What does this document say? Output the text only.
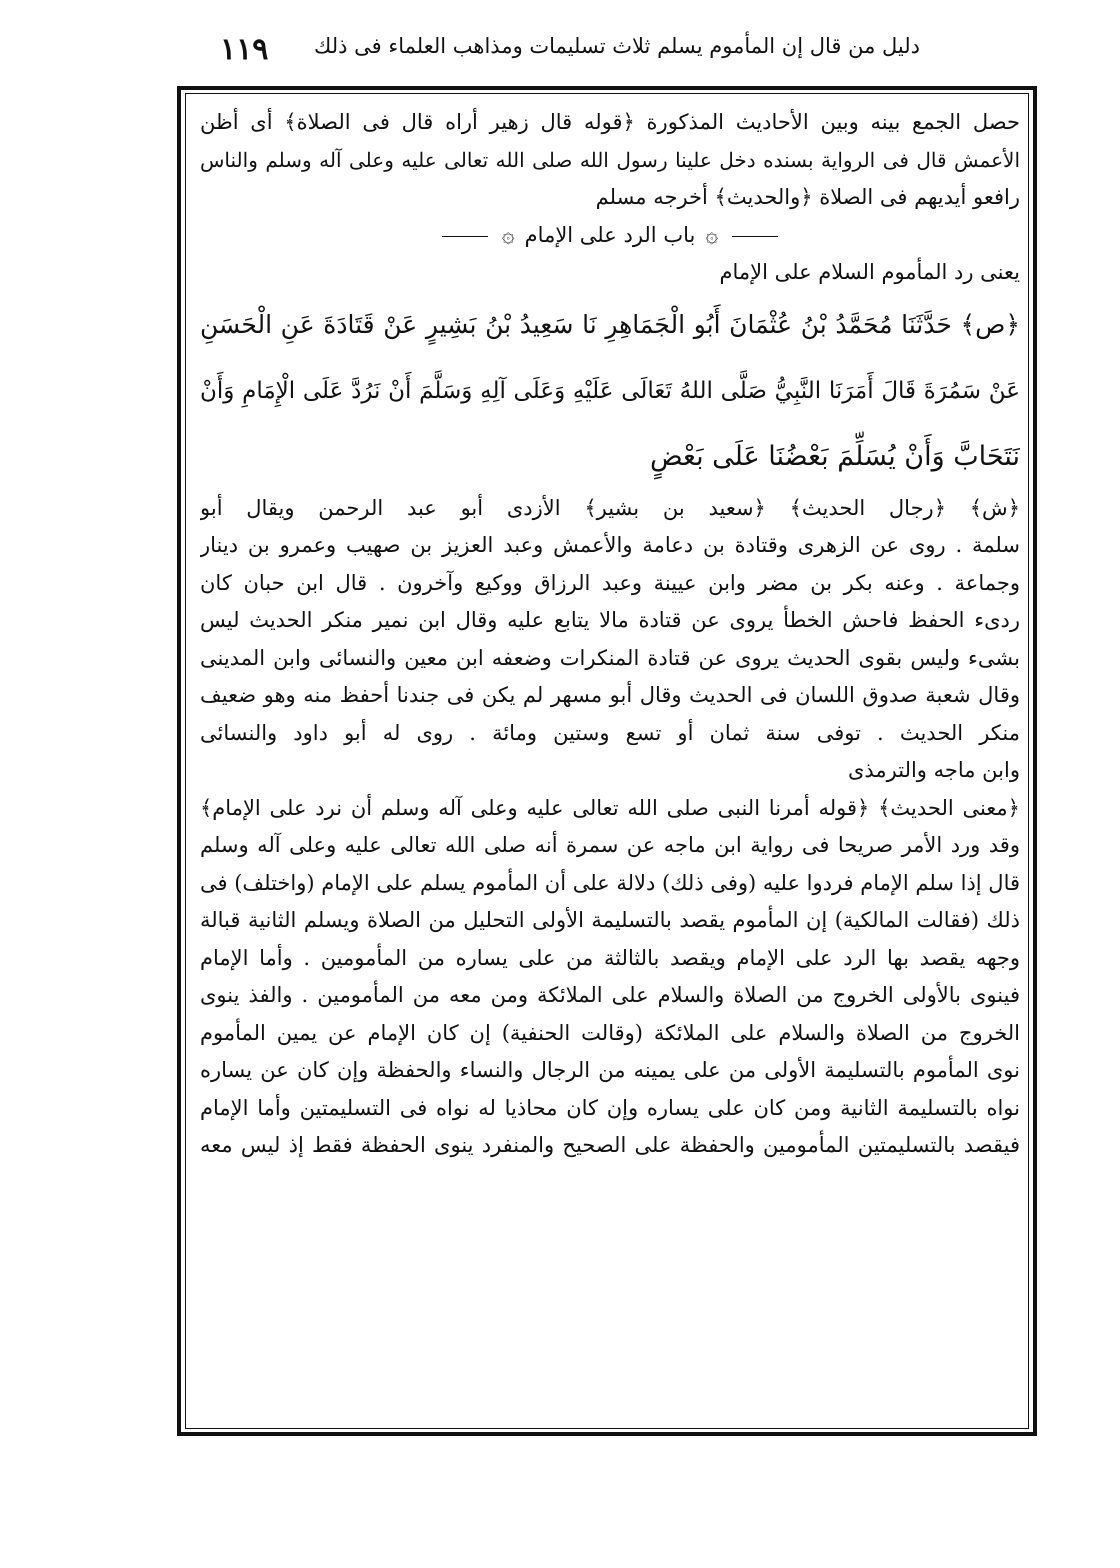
دليل من قال إن المأموم يسلم ثلاث تسليمات ومذاهب العلماء فى ذلك
١١٩
حصل الجمع بينه وبين الأحاديث المذكورة ﴿قوله قال زهير أراه قال فى الصلاة﴾ أى أظن
الأعمش قال فى الرواية بسنده دخل علينا رسول الله صلى الله تعالى عليه وعلى آله وسلم والناس
رافعو أيديهم فى الصلاة ﴿والحديث﴾ أخرجه مسلم
۞باب الرد على الإمام۞
يعنى رد المأموم السلام على الإمام
﴿ص﴾ حَدَّثَنَا مُحَمَّدُ بْنُ عُثْمَانَ أَبُو الْجَمَاهِرِ نَا سَعِيدُ بْنُ بَشِيرٍ عَنْ قَتَادَةَ عَنِ الْحَسَنِ
عَنْ سَمُرَةَ قَالَ أَمَرَنَا النَّبِيُّ صَلَّى اللهُ تَعَالَى عَلَيْهِ وَعَلَى آلِهِ وَسَلَّمَ أَنْ نَرُدَّ عَلَى الْإِمَامِ وَأَنْ
نَتَحَابَّ وَأَنْ يُسَلِّمَ بَعْضُنَا عَلَى بَعْضٍ
﴿ش﴾ ﴿رجال الحديث﴾ ﴿سعيد بن بشير﴾ الأزدى أبو عبد الرحمن ويقال أبو
سلمة . روى عن الزهرى وقتادة بن دعامة والأعمش وعبد العزيز بن صهيب وعمرو بن دينار
وجماعة . وعنه بكر بن مضر وابن عيينة وعبد الرزاق ووكيع وآخرون . قال ابن حبان كان
ردىء الحفظ فاحش الخطأ يروى عن قتادة مالا يتابع عليه وقال ابن نمير منكر الحديث ليس
بشىء وليس بقوى الحديث يروى عن قتادة المنكرات وضعفه ابن معين والنسائى وابن المدينى
وقال شعبة صدوق اللسان فى الحديث وقال أبو مسهر لم يكن فى جندنا أحفظ منه وهو ضعيف
منكر الحديث . توفى سنة ثمان أو تسع وستين ومائة . روى له أبو داود والنسائى
وابن ماجه والترمذى
﴿معنى الحديث﴾ ﴿قوله أمرنا النبى صلى الله تعالى عليه وعلى آله وسلم أن نرد على الإمام﴾
وقد ورد الأمر صريحا فى رواية ابن ماجه عن سمرة أنه صلى الله تعالى عليه وعلى آله وسلم
قال إذا سلم الإمام فردوا عليه (وفى ذلك) دلالة على أن المأموم يسلم على الإمام (واختلف) فى
ذلك (فقالت المالكية) إن المأموم يقصد بالتسليمة الأولى التحليل من الصلاة ويسلم الثانية قبالة
وجهه يقصد بها الرد على الإمام ويقصد بالثالثة من على يساره من المأمومين . وأما الإمام
فينوى بالأولى الخروج من الصلاة والسلام على الملائكة ومن معه من المأمومين . والفذ ينوى
الخروج من الصلاة والسلام على الملائكة (وقالت الحنفية) إن كان الإمام عن يمين المأموم
نوى المأموم بالتسليمة الأولى من على يمينه من الرجال والنساء والحفظة وإن كان عن يساره
نواه بالتسليمة الثانية ومن كان على يساره وإن كان محاذيا له نواه فى التسليمتين وأما الإمام
فيقصد بالتسليمتين المأمومين والحفظة على الصحيح والمنفرد ينوى الحفظة فقط إذ ليس معه
